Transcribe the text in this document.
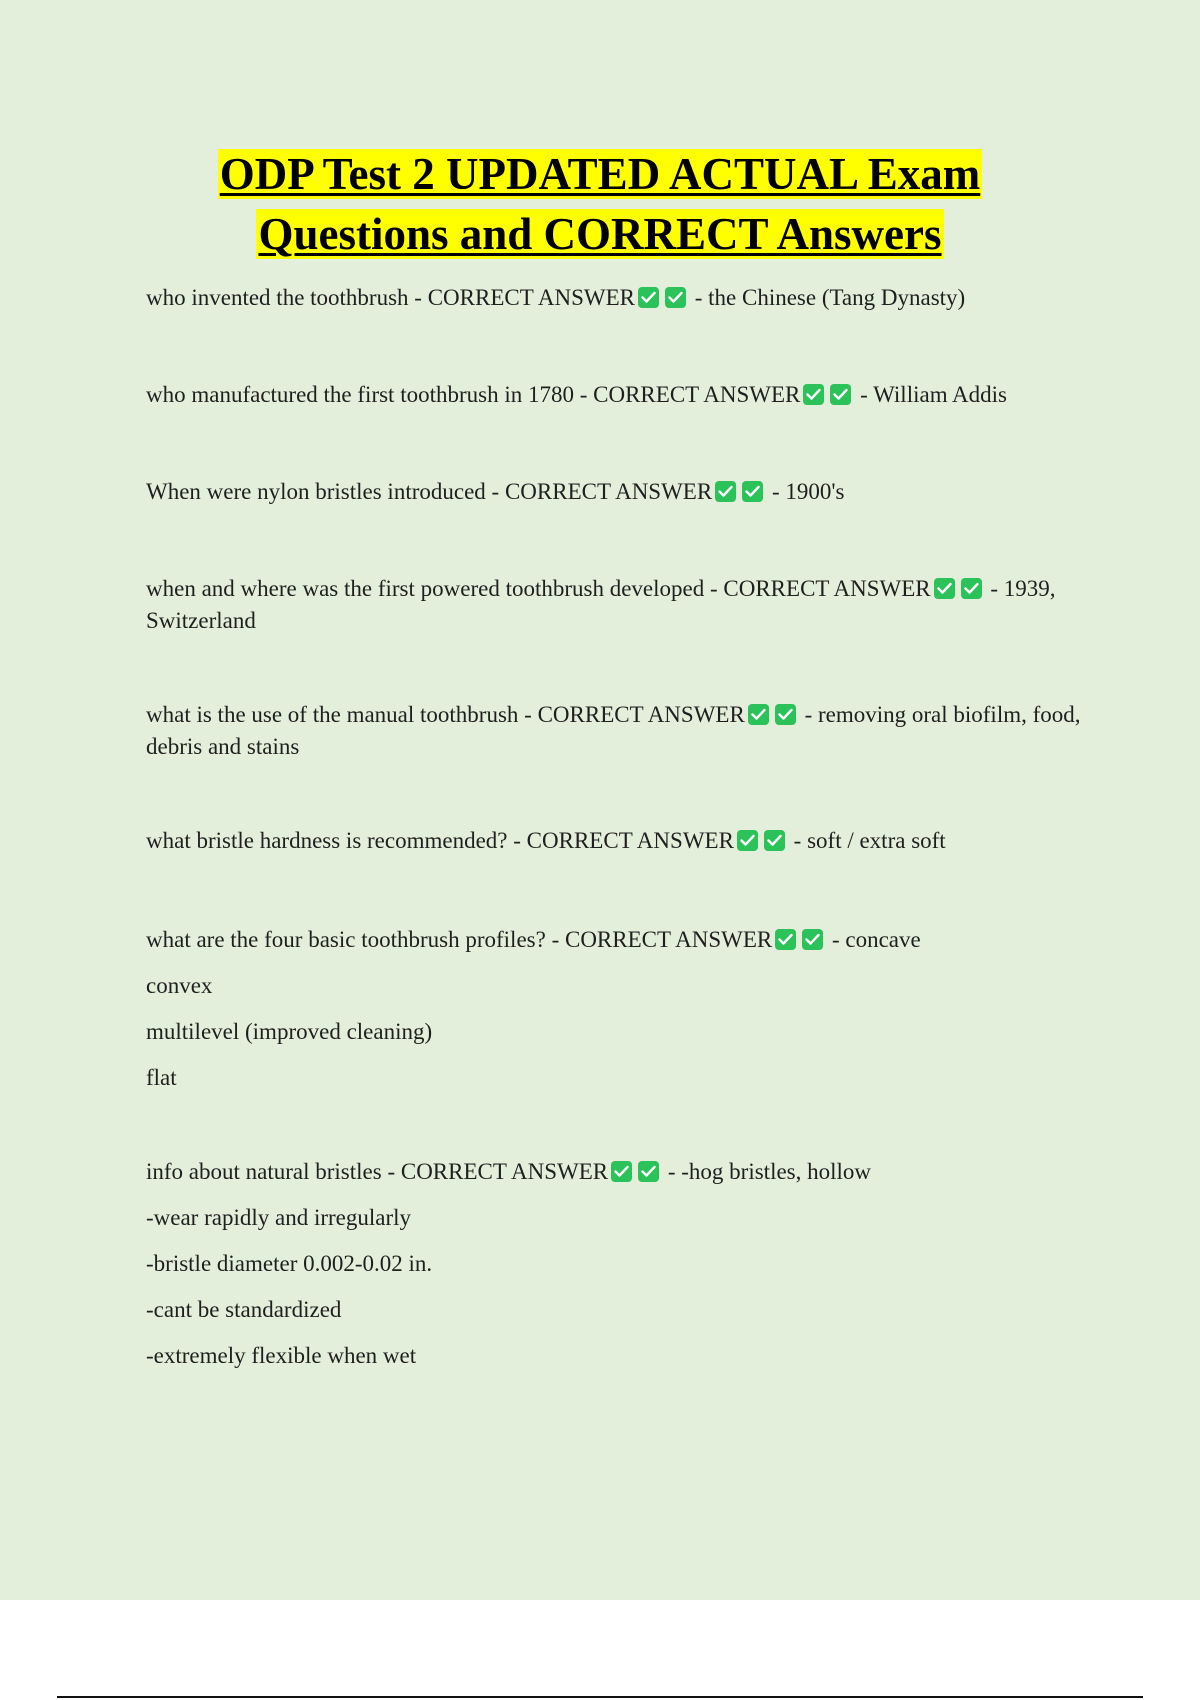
ODP Test 2 UPDATED ACTUAL Exam
Questions and CORRECT Answers
who invented the toothbrush - CORRECT ANSWER
- the Chinese (Tang Dynasty)
who manufactured the first toothbrush in 1780 - CORRECT ANSWER
- William Addis
When were nylon bristles introduced - CORRECT ANSWER
- 1900's
when and where was the first powered toothbrush developed - CORRECT ANSWER
- 1939, Switzerland
what is the use of the manual toothbrush - CORRECT ANSWER
- removing oral biofilm, food, debris and stains
what bristle hardness is recommended? - CORRECT ANSWER
- soft / extra soft
what are the four basic toothbrush profiles? - CORRECT ANSWER
- concave
convex
multilevel (improved cleaning)
flat
info about natural bristles - CORRECT ANSWER
- -hog bristles, hollow
-wear rapidly and irregularly
-bristle diameter 0.002-0.02 in.
-cant be standardized
-extremely flexible when wet
